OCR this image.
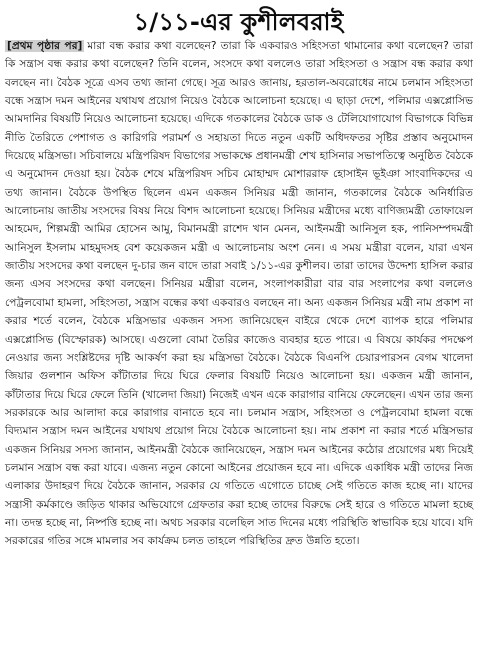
১/১১-এর কুশীলবরাই

[প্রথম পৃষ্ঠার পর] মারা বন্ধ করার কথা বলেছেন? তারা কি একবারও সহিংসতা থামানোর কথা বলেছেন? তারা কি সন্ত্রাস বন্ধ করার কথা বলেছেন? তিনি বলেন, সংসদে কথা বললেও তারা সহিংসতা ও সন্ত্রাস বন্ধ করার কথা বলছেন না। বৈঠক সূত্রে এসব তথ্য জানা গেছে। সূত্র আরও জানায়, হরতাল-অবরোধের নামে চলমান সহিংসতা বন্ধে সন্ত্রাস দমন আইনের যথাযথ প্রয়োগ নিয়েও বৈঠকে আলোচনা হয়েছে। এ ছাড়া দেশে, পলিমার এক্সপ্লোসিভ আমদানির বিষয়টি নিয়েও আলোচনা হয়েছে। এদিকে গতকালের বৈঠকে ডাক ও টেলিযোগাযোগ বিভাগকে বিভিন্ন নীতি তৈরিতে পেশাগত ও কারিগরি পরামর্শ ও সহায়তা দিতে নতুন একটি অধিদফতর সৃষ্টির প্রস্তাব অনুমোদন দিয়েছে মন্ত্রিসভা। সচিবালয়ে মন্ত্রিপরিষদ বিভাগের সভাকক্ষে প্রধানমন্ত্রী শেখ হাসিনার সভাপতিত্বে অনুষ্ঠিত বৈঠকে এ অনুমোদন দেওয়া হয়। বৈঠক শেষে মন্ত্রিপরিষদ সচিব মোহাম্মদ মোশাররাফ হোসাইন ভূইঞা সাংবাদিকদের এ তথ্য জানান। বৈঠকে উপস্থিত ছিলেন এমন একজন সিনিয়র মন্ত্রী জানান, গতকালের বৈঠকে অনির্ধারিত আলোচনায় জাতীয় সংসদের বিষয় নিয়ে বিশদ আলোচনা হয়েছে। সিনিয়র মন্ত্রীদের মধ্যে বাণিজ্যমন্ত্রী তোফায়েল আহমেদ, শিল্পমন্ত্রী আমির হোসেন আমু, বিমানমন্ত্রী রাশেদ খান মেনন, আইনমন্ত্রী আনিসুল হক, পানিসম্পদমন্ত্রী আনিসুল ইসলাম মাহমুদসহ বেশ কয়েকজন মন্ত্রী এ আলোচনায় অংশ নেন। এ সময় মন্ত্রীরা বলেন, যারা এখন জাতীয় সংসদের কথা বলছেন দু-চার জন বাদে তারা সবাই ১/১১-এর কুশীলব। তারা তাদের উদ্দেশ্য হাসিল করার জন্য এসব সংসদের কথা বলছেন। সিনিয়র মন্ত্রীরা বলেন, সংলাপকারীরা বার বার সংলাপের কথা বললেও পেট্রলবোমা হামলা, সহিংসতা, সন্ত্রাস বন্ধের কথা একবারও বলছেন না। অন্য একজন সিনিয়র মন্ত্রী নাম প্রকাশ না করার শর্তে বলেন, বৈঠকে মন্ত্রিসভার একজন সদস্য জানিয়েছেন বাইরে থেকে দেশে ব্যাপক হারে পলিমার এক্সপ্লোসিভ (বিস্ফোরক) আসছে। এগুলো বোমা তৈরির কাজেও ব্যবহার হতে পারে। এ বিষয়ে কার্যকর পদক্ষেপ নেওয়ার জন্য সংশ্লিষ্টদের দৃষ্টি আকর্ষণ করা হয় মন্ত্রিসভা বৈঠকে। বৈঠকে বিএনপি চেয়ারপারসন বেগম খালেদা জিয়ার গুলশান অফিস কাঁটাতার দিয়ে ঘিরে ফেলার বিষয়টি নিয়েও আলোচনা হয়। একজন মন্ত্রী জানান, কাঁটাতার দিয়ে ঘিরে ফেলে তিনি (খালেদা জিয়া) নিজেই এখন একে কারাগার বানিয়ে ফেলেছেন। এখন তার জন্য সরকারকে আর আলাদা করে কারাগার বানাতে হবে না। চলমান সন্ত্রাস, সহিংসতা ও পেট্রলবোমা হামলা বন্ধে বিদ্যমান সন্ত্রাস দমন আইনের যথাযথ প্রয়োগ নিয়ে বৈঠকে আলোচনা হয়। নাম প্রকাশ না করার শর্তে মন্ত্রিসভার একজন সিনিয়র সদস্য জানান, আইনমন্ত্রী বৈঠকে জানিয়েছেন, সন্ত্রাস দমন আইনের কঠোর প্রয়োগের মধ্য দিয়েই চলমান সন্ত্রাস বন্ধ করা যাবে। এজন্য নতুন কোনো আইনের প্রয়োজন হবে না। এদিকে একাধিক মন্ত্রী তাদের নিজ এলাকার উদাহরণ দিয়ে বৈঠকে জানান, সরকার যে গতিতে এগোতে চাচ্ছে সেই গতিতে কাজ হচ্ছে না। যাদের সন্ত্রাসী কর্মকাণ্ডে জড়িত থাকার অভিযোগে গ্রেফতার করা হচ্ছে তাদের বিরুদ্ধে সেই হারে ও গতিতে মামলা হচ্ছে না। তদন্ত হচ্ছে না, নিষ্পত্তি হচ্ছে না। অথচ সরকার বলেছিল সাত দিনের মধ্যে পরিস্থিতি স্বাভাবিক হয়ে যাবে। যদি সরকারের গতির সঙ্গে মামলার সব কার্যক্রম চলত তাহলে পরিস্থিতির দ্রুত উন্নতি হতো।
